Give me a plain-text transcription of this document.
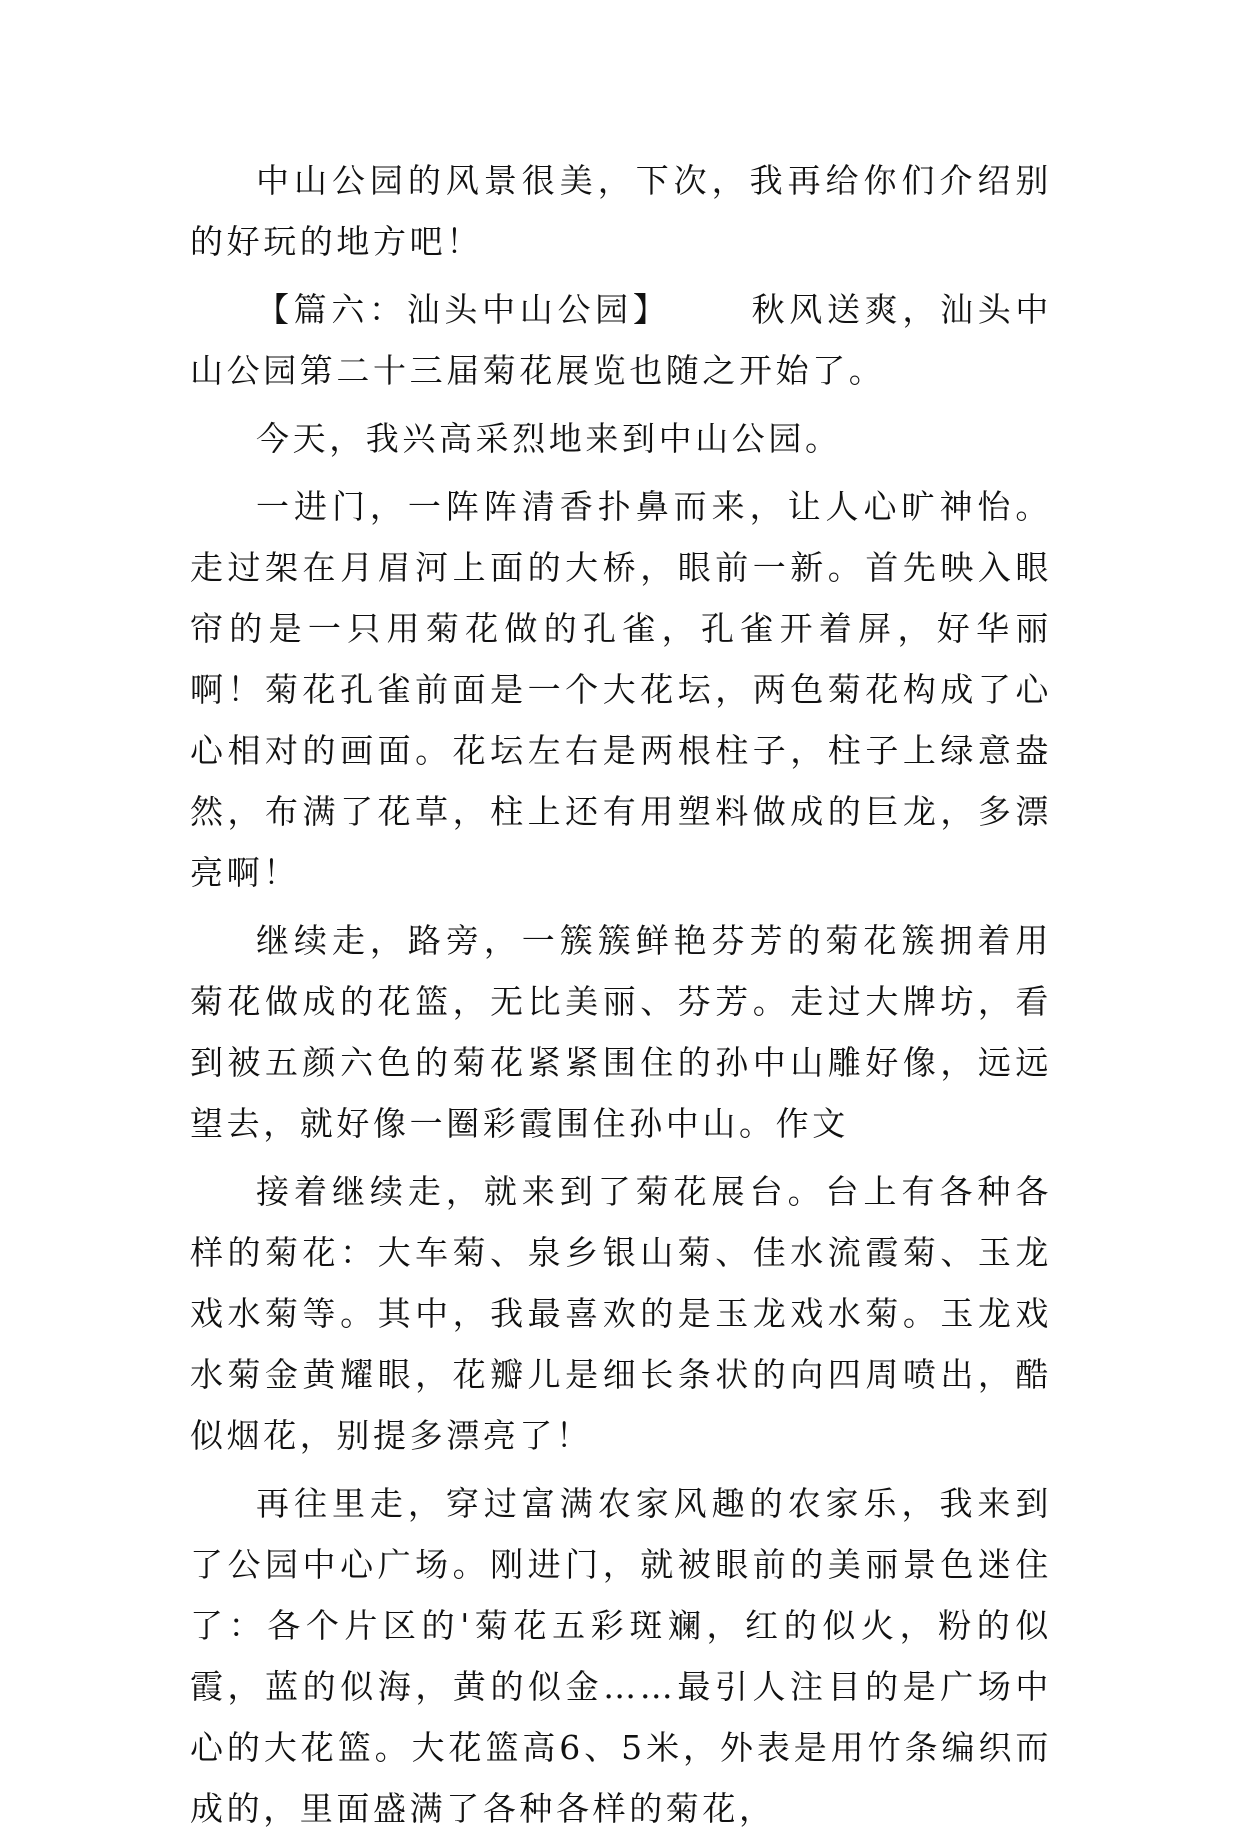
中山公园的风景很美，下次，我再给你们介绍别的好玩的地方吧！

【篇六：汕头中山公园】 秋风送爽，汕头中山公园第二十三届菊花展览也随之开始了。

今天，我兴高采烈地来到中山公园。

一进门，一阵阵清香扑鼻而来，让人心旷神怡。走过架在月眉河上面的大桥，眼前一新。首先映入眼帘的是一只用菊花做的孔雀，孔雀开着屏，好华丽啊！菊花孔雀前面是一个大花坛，两色菊花构成了心心相对的画面。花坛左右是两根柱子，柱子上绿意盎然，布满了花草，柱上还有用塑料做成的巨龙，多漂亮啊！

继续走，路旁，一簇簇鲜艳芬芳的菊花簇拥着用菊花做成的花篮，无比美丽、芬芳。走过大牌坊，看到被五颜六色的菊花紧紧围住的孙中山雕好像，远远望去，就好像一圈彩霞围住孙中山。作文

接着继续走，就来到了菊花展台。台上有各种各样的菊花：大车菊、泉乡银山菊、佳水流霞菊、玉龙戏水菊等。其中，我最喜欢的是玉龙戏水菊。玉龙戏水菊金黄耀眼，花瓣儿是细长条状的向四周喷出，酷似烟花，别提多漂亮了！

再往里走，穿过富满农家风趣的农家乐，我来到了公园中心广场。刚进门，就被眼前的美丽景色迷住了：各个片区的'菊花五彩斑斓，红的似火，粉的似霞，蓝的似海，黄的似金……最引人注目的是广场中心的大花篮。大花篮高6、5米，外表是用竹条编织而成的，里面盛满了各种各样的菊花，
